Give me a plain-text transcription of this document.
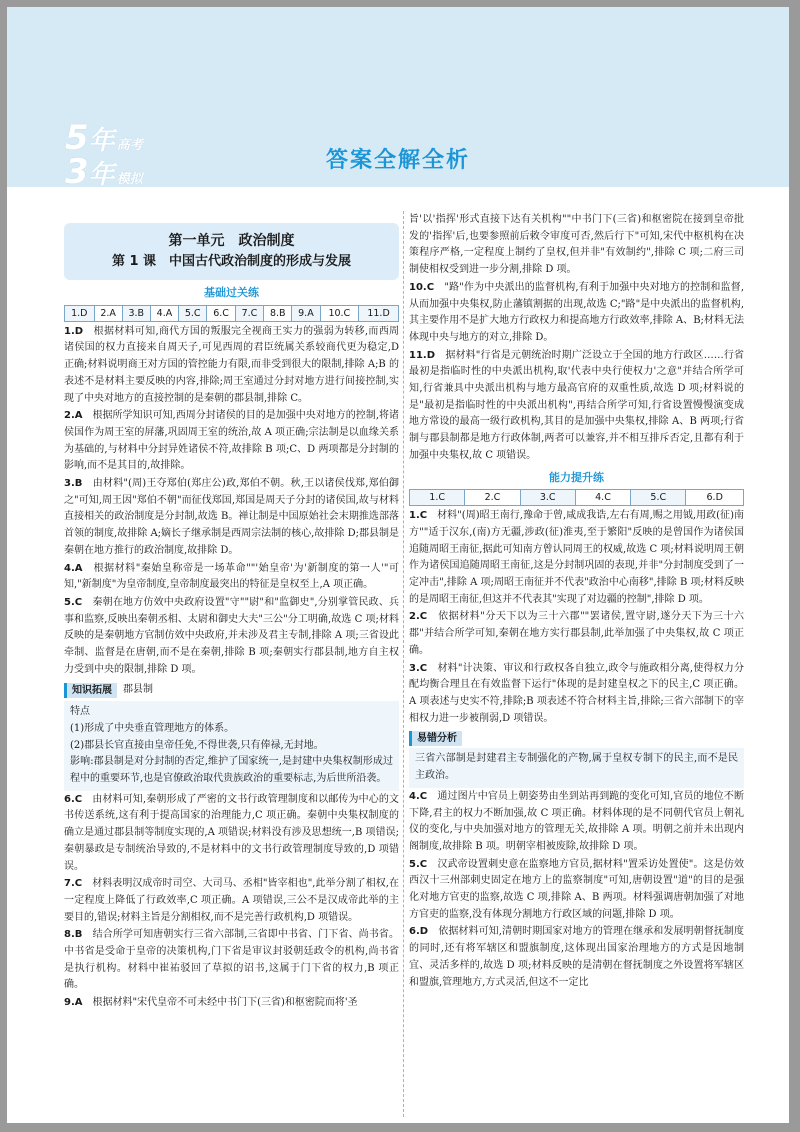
5 年 高考
3 年 模拟
答案全解全析
第一单元　政治制度
第 1 课　中国古代政治制度的形成与发展
基础过关练
1.D	2.A	3.B	4.A	5.C	6.C	7.C	8.B	9.A	10.C	11.D
1.D　 根据材料可知,商代方国的叛服完全视商王实力的强弱为转移,而西周诸侯国的权力直接来自周天子,可见西周的君臣统属关系较商代更为稳定,D 正确;材料说明商王对方国的管控能力有限,而非受到很大的限制,排除 A;B 的表述不是材料主要反映的内容,排除;周王室通过分封对地方进行间接控制,实现了中央对地方的直接控制的是秦朝的郡县制,排除 C。
2.A　 根据所学知识可知,西周分封诸侯的目的是加强中央对地方的控制,将诸侯国作为周王室的屏藩,巩固周王室的统治,故 A 项正确;宗法制是以血缘关系为基础的,与材料中分封异姓诸侯不符,故排除 B 项;C、D 两项都是分封制的影响,而不是其目的,故排除。
3.B　 由材料"(周)王夺郑伯(郑庄公)政,郑伯不朝。秋,王以诸侯伐郑,郑伯御之"可知,周王因"郑伯不朝"而征伐郑国,郑国是周天子分封的诸侯国,故与材料直接相关的政治制度是分封制,故选 B。禅让制是中国原始社会末期推选部落首领的制度,故排除 A;嫡长子继承制是西周宗法制的核心,故排除 D;郡县制是秦朝在地方推行的政治制度,故排除 D。
4.A　 根据材料"秦始皇称帝是一场革命""'始皇帝'为'新制度的第一人'"可知,"新制度"为皇帝制度,皇帝制度最突出的特征是皇权至上,A 项正确。
5.C　 秦朝在地方仿效中央政府设置"守""尉"和"监御史",分别掌管民政、兵事和监察,反映出秦朝丞相、太尉和御史大夫"三公"分工明确,故选 C 项;材料反映的是秦朝地方官制仿效中央政府,并未涉及君主专制,排除 A 项;三省设此牵制、监督是在唐朝,而不是在秦朝,排除 B 项;秦朝实行郡县制,地方自主权力受到中央的限制,排除 D 项。
知识拓展	郡县制
特点
(1)形成了中央垂直管理地方的体系。
(2)郡县长官直接由皇帝任免,不得世袭,只有俸禄,无封地。
影响:郡县制是对分封制的否定,维护了国家统一,是封建中央集权制形成过程中的重要环节,也是官僚政治取代贵族政治的重要标志,为后世所沿袭。
6.C　 由材料可知,秦朝形成了严密的文书行政管理制度和以邮传为中心的文书传送系统,这有利于提高国家的治理能力,C 项正确。秦朝中央集权制度的确立是通过郡县制等制度实现的,A 项错误;材料没有涉及思想统一,B 项错误;秦朝暴政是专制统治导致的,不是材料中的文书行政管理制度导致的,D 项错误。
7.C　 材料表明汉成帝时司空、大司马、丞相"皆宰相也",此举分割了相权,在一定程度上降低了行政效率,C 项正确。A 项错误,三公不是汉成帝此举的主要目的,错误;材料主旨是分割相权,而不是完善行政机构,D 项错误。
8.B　 结合所学可知唐朝实行三省六部制,三省即中书省、门下省、尚书省。中书省是受命于皇帝的决策机构,门下省是审议封驳朝廷政令的机构,尚书省是执行机构。材料中崔祐驳回了草拟的诏书,这属于门下省的权力,B 项正确。
9.A　 根据材料"宋代皇帝不可未经中书门下(三省)和枢密院而将'圣
旨'以'指挥'形式直接下达有关机构""中书门下(三省)和枢密院在接到皇帝批发的'指挥'后,也要参照前后敕令审度可否,然后行下"可知,宋代中枢机构在决策程序严格,一定程度上制约了皇权,但并非"有效制约",排除 C 项;二府三司制使相权受到进一步分割,排除 D 项。
10.C　 "路"作为中央派出的监督机构,有利于加强中央对地方的控制和监督,从而加强中央集权,防止藩镇割据的出现,故选 C;"路"是中央派出的监督机构,其主要作用不是扩大地方行政权力和提高地方行政效率,排除 A、B;材料无法体现中央与地方的对立,排除 D。
11.D　 据材料"行省是元朝统治时期广泛设立于全国的地方行政区……行省最初是指临时性的中央派出机构,取'代表中央行使权力'之意"并结合所学可知,行省兼具中央派出机构与地方最高官府的双重性质,故选 D 项;材料说的是"最初是指临时性的中央派出机构",再结合所学可知,行省设置慢慢演变成地方常设的最高一级行政机构,其目的是加强中央集权,排除 A、B 两项;行省制与郡县制都是地方行政体制,两者可以兼容,并不相互排斥否定,且都有利于加强中央集权,故 C 项错误。
能力提升练
1.C	2.C	3.C	4.C	5.C	6.D
1.C　 材料"(周)昭王南行,豫命于曾,咸成我诰,左右有周,赐之用钺,用政(征)南方""适于汉东,(南)方无疆,涉政(征)淮夷,至于繁阳"反映的是曾国作为诸侯国追随周昭王南征,据此可知南方曾认同周王的权威,故选 C 项;材料说明周王朝作为诸侯国追随周昭王南征,这是分封制巩固的表现,并非"分封制度受到了一定冲击",排除 A 项;周昭王南征并不代表"政治中心南移",排除 B 项;材料反映的是周昭王南征,但这并不代表其"实现了对边疆的控制",排除 D 项。
2.C　 依据材料"分天下以为三十六郡""罢诸侯,置守尉,遂分天下为三十六郡"并结合所学可知,秦朝在地方实行郡县制,此举加强了中央集权,故 C 项正确。
3.C　 材料"计决策、审议和行政权各自独立,政令与施政相分离,使得权力分配均衡合理且在有效监督下运行"体现的是封建皇权之下的民主,C 项正确。A 项表述与史实不符,排除;B 项表述不符合材料主旨,排除;三省六部制下的宰相权力进一步被削弱,D 项错误。
易错分析
三省六部制是封建君主专制强化的产物,属于皇权专制下的民主,而不是民主政治。
4.C　 通过图片中官员上朝姿势由坐到站再到跪的变化可知,官员的地位不断下降,君主的权力不断加强,故 C 项正确。材料体现的是不同朝代官员上朝礼仪的变化,与中央加强对地方的管理无关,故排除 A 项。明朝之前并未出现内阁制度,故排除 B 项。明朝宰相被废除,故排除 D 项。
5.C　 汉武帝设置刺史意在监察地方官员,据材料"置采访处置使"。这是仿效西汉十三州部刺史固定在地方上的监察制度"可知,唐朝设置"道"的目的是强化对地方官吏的监察,故选 C 项,排除 A、B 两项。材料强调唐朝加强了对地方官吏的监察,没有体现分割地方行政区域的问题,排除 D 项。
6.D　 依据材料可知,清朝时期国家对地方的管理在继承和发展明朝督抚制度的同时,还有将军辖区和盟旗制度,这体现出国家治理地方的方式是因地制宜、灵活多样的,故选 D 项;材料反映的是清朝在督抚制度之外设置将军辖区和盟旗,管理地方,方式灵活,但这不一定比
